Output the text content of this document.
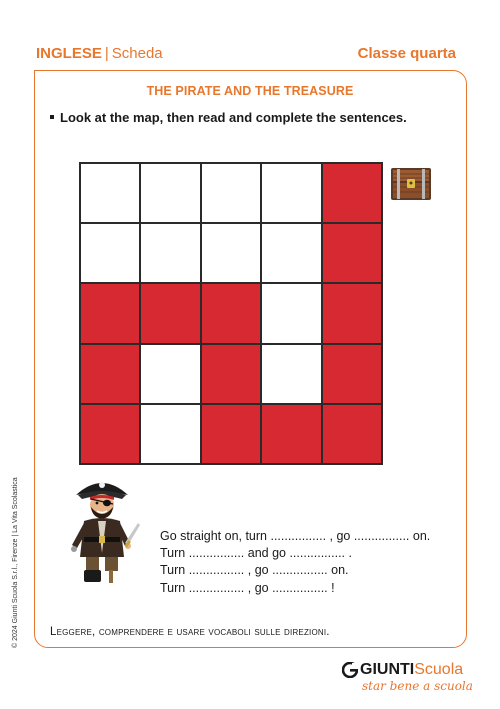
INGLESE | Scheda	Classe quarta
THE PIRATE AND THE TREASURE
Look at the map, then read and complete the sentences.
Go straight on, turn ................ , go ................ on.
Turn ................ and go ................ .
Turn ................ , go ................ on.
Turn ................ , go ................ !
Leggere, comprendere e usare vocaboli sulle direzioni.
© 2024 Giunti Scuola S.r.l., Firenze | La Vita Scolastica
GIUNTI Scuola
star bene a scuola
